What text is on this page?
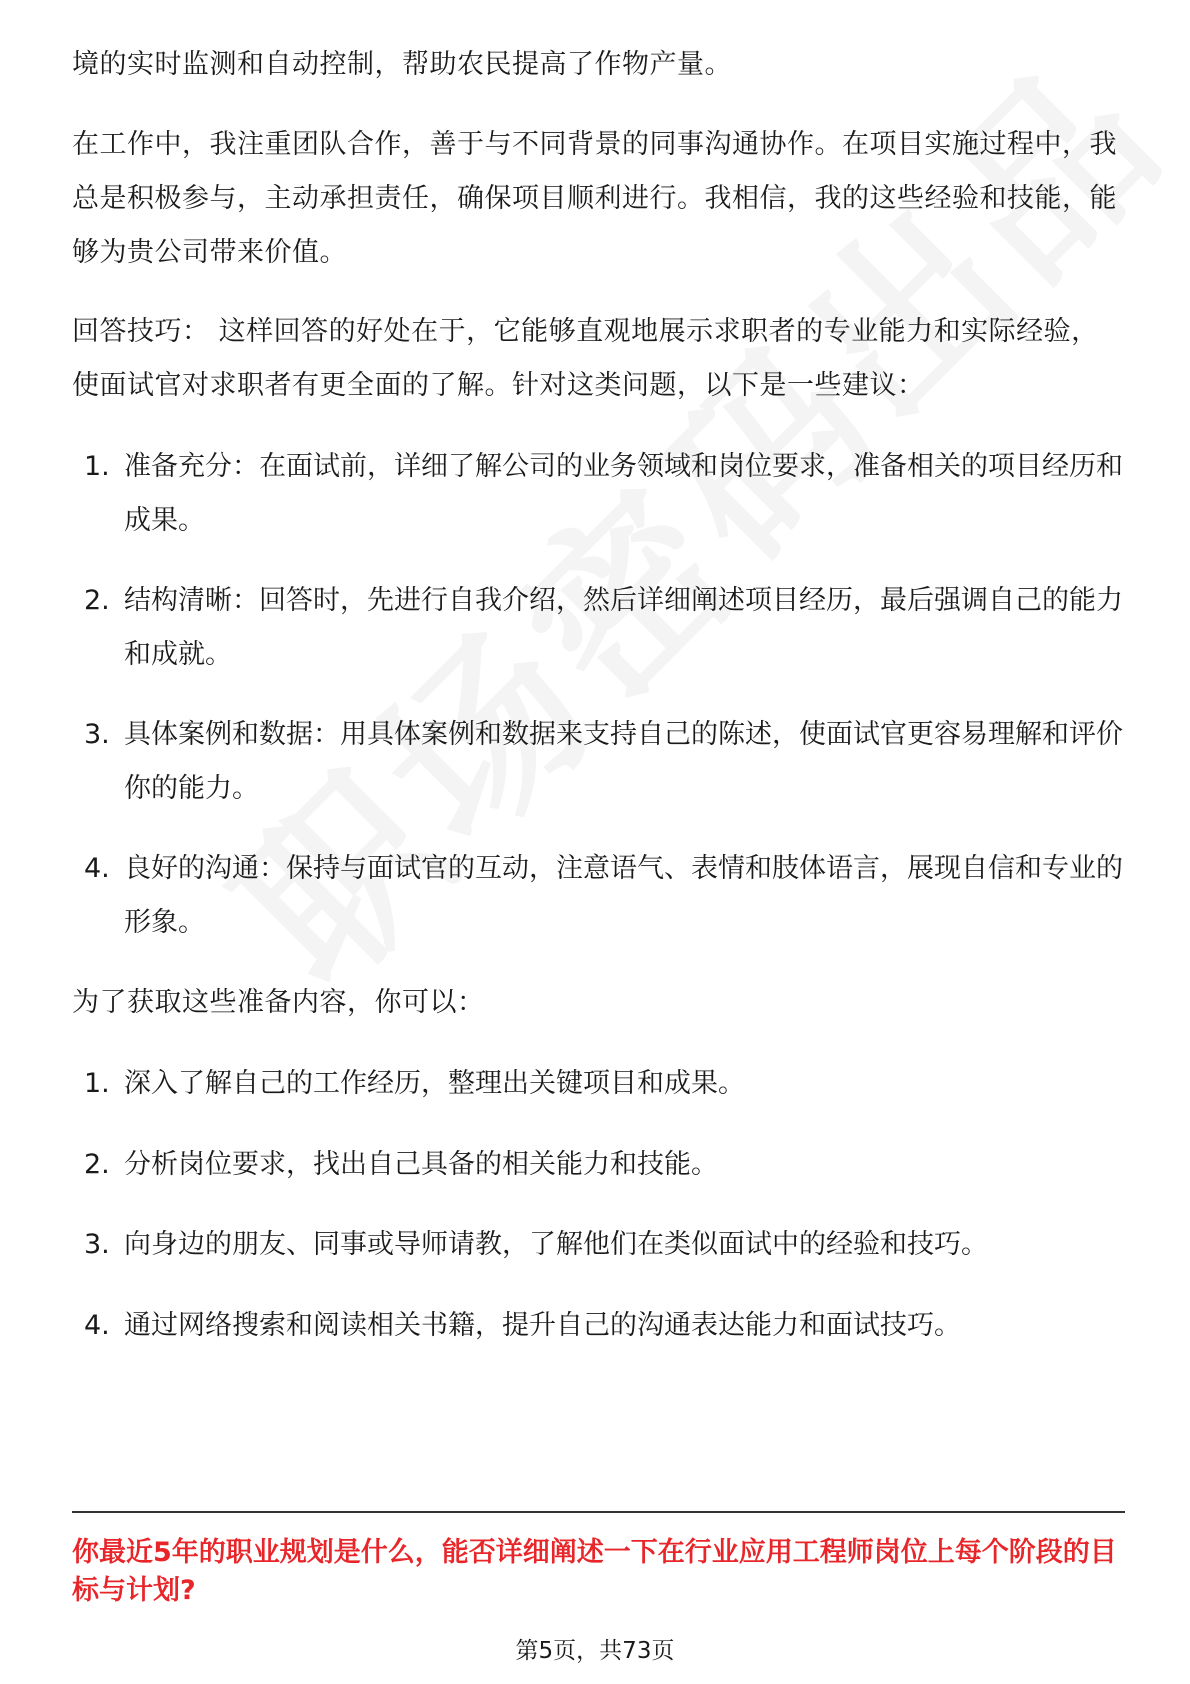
境的实时监测和自动控制，帮助农民提高了作物产量。
在工作中，我注重团队合作，善于与不同背景的同事沟通协作。在项目实施过程中，我总是积极参与，主动承担责任，确保项目顺利进行。我相信，我的这些经验和技能，能够为贵公司带来价值。
回答技巧： 这样回答的好处在于，它能够直观地展示求职者的专业能力和实际经验，使面试官对求职者有更全面的了解。针对这类问题，以下是一些建议：
1. 准备充分：在面试前，详细了解公司的业务领域和岗位要求，准备相关的项目经历和成果。
2. 结构清晰：回答时，先进行自我介绍，然后详细阐述项目经历，最后强调自己的能力和成就。
3. 具体案例和数据：用具体案例和数据来支持自己的陈述，使面试官更容易理解和评价你的能力。
4. 良好的沟通：保持与面试官的互动，注意语气、表情和肢体语言，展现自信和专业的形象。
为了获取这些准备内容，你可以：
1. 深入了解自己的工作经历，整理出关键项目和成果。
2. 分析岗位要求，找出自己具备的相关能力和技能。
3. 向身边的朋友、同事或导师请教，了解他们在类似面试中的经验和技巧。
4. 通过网络搜索和阅读相关书籍，提升自己的沟通表达能力和面试技巧。
你最近5年的职业规划是什么，能否详细阐述一下在行业应用工程师岗位上每个阶段的目标与计划?
第5页，共73页
